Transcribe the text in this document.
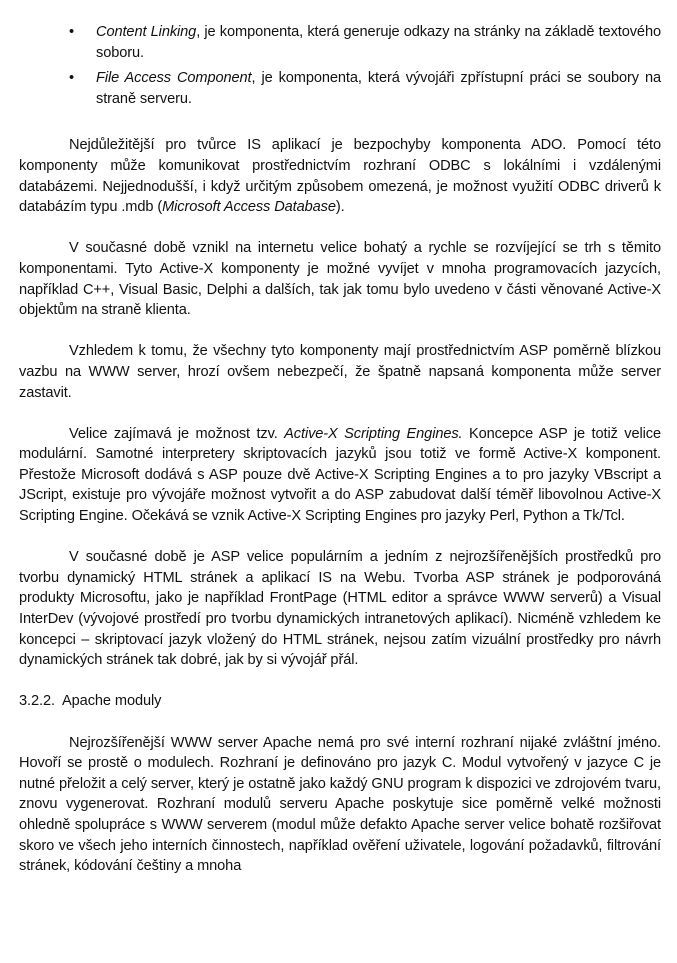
• Content Linking, je komponenta, která generuje odkazy na stránky na základě textového soboru.
• File Access Component, je komponenta, která vývojáři zpřístupní práci se soubory na straně serveru.

Nejdůležitější pro tvůrce IS aplikací je bezpochyby komponenta ADO. Pomocí této komponenty může komunikovat prostřednictvím rozhraní ODBC s lokálními i vzdálenými databázemi. Nejjednodušší, i když určitým způsobem omezená, je možnost využití ODBC driverů k databázím typu .mdb (Microsoft Access Database).

V současné době vznikl na internetu velice bohatý a rychle se rozvíjející se trh s těmito komponentami. Tyto Active-X komponenty je možné vyvíjet v mnoha programovacích jazycích, například C++, Visual Basic, Delphi a dalších, tak jak tomu bylo uvedeno v části věnované Active-X objektům na straně klienta.

Vzhledem k tomu, že všechny tyto komponenty mají prostřednictvím ASP poměrně blízkou vazbu na WWW server, hrozí ovšem nebezpečí, že špatně napsaná komponenta může server zastavit.

Velice zajímavá je možnost tzv. Active-X Scripting Engines. Koncepce ASP je totiž velice modulární. Samotné interpretery skriptovacích jazyků jsou totiž ve formě Active-X komponent. Přestože Microsoft dodává s ASP pouze dvě Active-X Scripting Engines a to pro jazyky VBscript a JScript, existuje pro vývojáře možnost vytvořit a do ASP zabudovat další téměř libovolnou Active-X Scripting Engine. Očekává se vznik Active-X Scripting Engines pro jazyky Perl, Python a Tk/Tcl.

V současné době je ASP velice populárním a jedním z nejrozšířenějších prostředků pro tvorbu dynamický HTML stránek a aplikací IS na Webu. Tvorba ASP stránek je podporováná produkty Microsoftu, jako je například FrontPage (HTML editor a správce WWW serverů) a Visual InterDev (vývojové prostředí pro tvorbu dynamických intranetových aplikací). Nicméně vzhledem ke koncepci – skriptovací jazyk vložený do HTML stránek, nejsou zatím vizuální prostředky pro návrh dynamických stránek tak dobré, jak by si vývojář přál.

3.2.2. Apache moduly

Nejrozšířenější WWW server Apache nemá pro své interní rozhraní nijaké zvláštní jméno. Hovoří se prostě o modulech. Rozhraní je definováno pro jazyk C. Modul vytvořený v jazyce C je nutné přeložit a celý server, který je ostatně jako každý GNU program k dispozici ve zdrojovém tvaru, znovu vygenerovat. Rozhraní modulů serveru Apache poskytuje sice poměrně velké možnosti ohledně spolupráce s WWW serverem (modul může defakto Apache server velice bohatě rozšiřovat skoro ve všech jeho interních činnostech, například ověření uživatele, logování požadavků, filtrování stránek, kódování češtiny a mnoha
